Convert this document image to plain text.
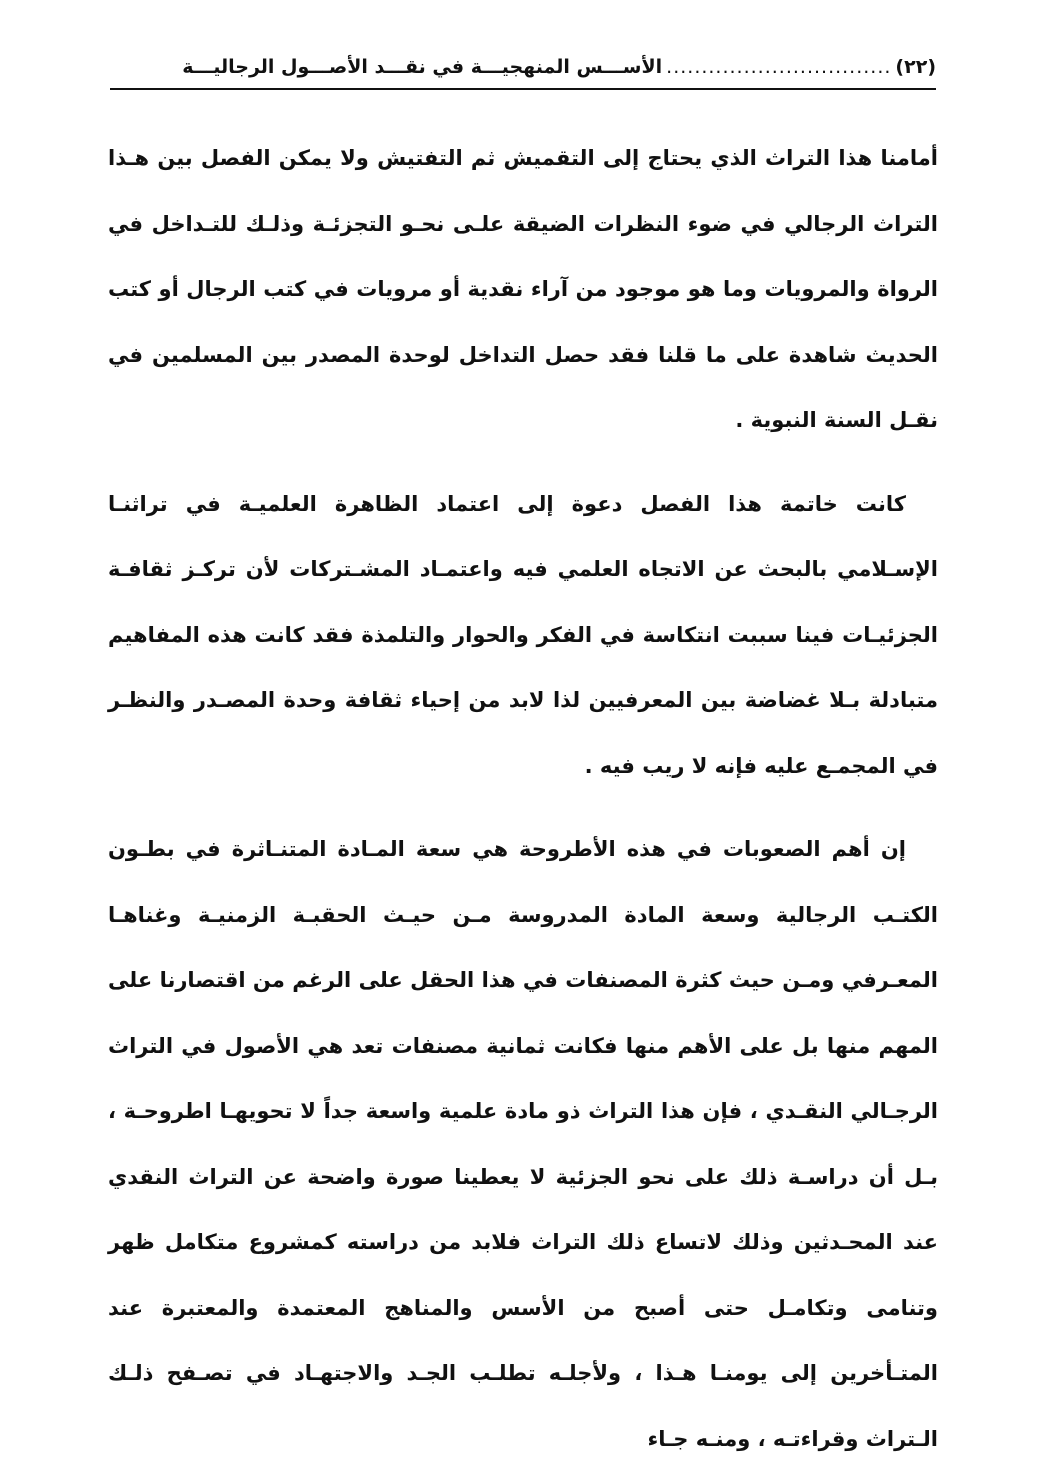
(٢٢)
................................
الأســـس المنهجيـــة في نقـــد الأصـــول الرجاليـــة

أمامنا هذا التراث الذي يحتاج إلى التقميش ثم التفتيش ولا يمكن الفصل بين هـذا التراث الرجالي في ضوء النظرات الضيقة علـى نحـو التجزئـة وذلـك للتـداخل في الرواة والمرويات وما هو موجود من آراء نقدية أو مرويات في كتب الرجال أو كتب الحديث شاهدة على ما قلنا فقد حصل التداخل لوحدة المصدر بين المسلمين في نقـل السنة النبوية .

كانت خاتمة هذا الفصل دعوة إلى اعتماد الظاهرة العلميـة في تراثنـا الإسـلامي بالبحث عن الاتجاه العلمي فيه واعتمـاد المشـتركات لأن تركـز ثقافـة الجزئيـات فينا سببت انتكاسة في الفكر والحوار والتلمذة فقد كانت هذه المفاهيم متبادلة بـلا غضاضة بين المعرفيين لذا لابد من إحياء ثقافة وحدة المصـدر والنظـر في المجمـع عليه فإنه لا ريب فيه .

إن أهم الصعوبات في هذه الأطروحة هي سعة المـادة المتنـاثرة في بطـون الكتـب الرجالية وسعة المادة المدروسة مـن حيـث الحقبـة الزمنيـة وغناهـا المعـرفي ومـن حيث كثرة المصنفات في هذا الحقل على الرغم من اقتصارنا على المهم منها بل على الأهم منها فكانت ثمانية مصنفات تعد هي الأصول في التراث الرجـالي النقـدي ، فإن هذا التراث ذو مادة علمية واسعة جداً لا تحويهـا اطروحـة ، بـل أن دراسـة ذلك على نحو الجزئية لا يعطينا صورة واضحة عن التراث النقدي عند المحـدثين وذلك لاتساع ذلك التراث فلابد من دراسته كمشروع متكامل ظهر وتنامى وتكامـل حتى أصبح من الأسس والمناهج المعتمدة والمعتبرة عند المتـأخرين إلى يومنـا هـذا ، ولأجلـه تطلـب الجـد والاجتهـاد في تصـفح ذلـك الـتراث وقراءتـه ، ومنـه جـاء
